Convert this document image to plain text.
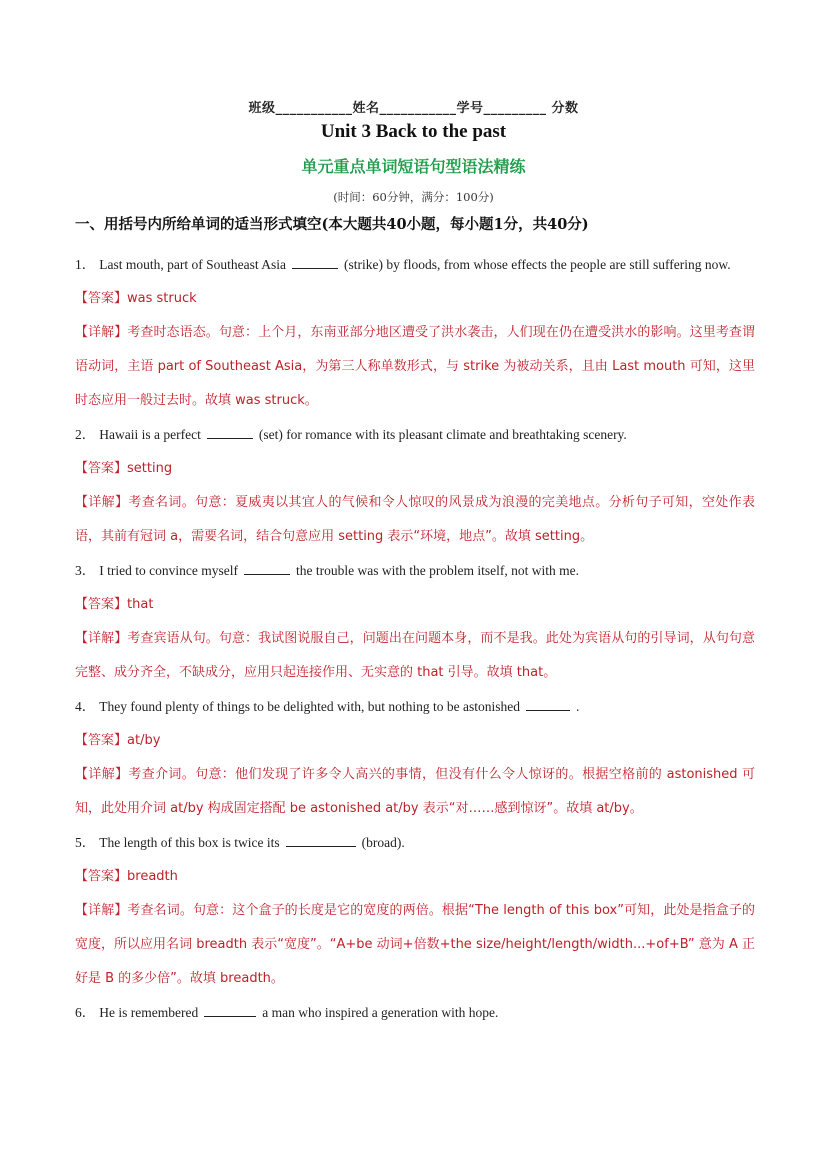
班级___________姓名___________学号_________ 分数
Unit 3 Back to the past
单元重点单词短语句型语法精练
(时间：60分钟，满分：100分)
一、用括号内所给单词的适当形式填空(本大题共40小题，每小题1分，共40分)

1． Last mouth, part of Southeast Asia	(strike) by floods, from whose effects the people are still suffering now.

【答案】was struck

【详解】考查时态语态。句意：上个月，东南亚部分地区遭受了洪水袭击，人们现在仍在遭受洪水的影响。这里考查谓语动词，主语 part of Southeast Asia，为第三人称单数形式，与 strike 为被动关系，且由 Last mouth 可知，这里时态应用一般过去时。故填 was struck。

2． Hawaii is a perfect	(set) for romance with its pleasant climate and breathtaking scenery.

【答案】setting

【详解】考查名词。句意：夏威夷以其宜人的气候和令人惊叹的风景成为浪漫的完美地点。分析句子可知，空处作表语，其前有冠词 a，需要名词，结合句意应用 setting 表示“环境，地点”。故填 setting。

3． I tried to convince myself	the trouble was with the problem itself, not with me.

【答案】that

【详解】考查宾语从句。句意：我试图说服自己，问题出在问题本身，而不是我。此处为宾语从句的引导词，从句句意完整、成分齐全，不缺成分，应用只起连接作用、无实意的 that 引导。故填 that。

4． They found plenty of things to be delighted with, but nothing to be astonished	.

【答案】at/by

【详解】考查介词。句意：他们发现了许多令人高兴的事情，但没有什么令人惊讶的。根据空格前的 astonished 可知，此处用介词 at/by 构成固定搭配 be astonished at/by 表示“对……感到惊讶”。故填 at/by。

5． The length of this box is twice its	(broad).

【答案】breadth

【详解】考查名词。句意：这个盒子的长度是它的宽度的两倍。根据“The length of this box”可知，此处是指盒子的宽度，所以应用名词 breadth 表示“宽度”。“A+be 动词+倍数+the size/height/length/width...+of+B” 意为 A 正好是 B 的多少倍”。故填 breadth。

6． He is remembered	a man who inspired a generation with hope.
